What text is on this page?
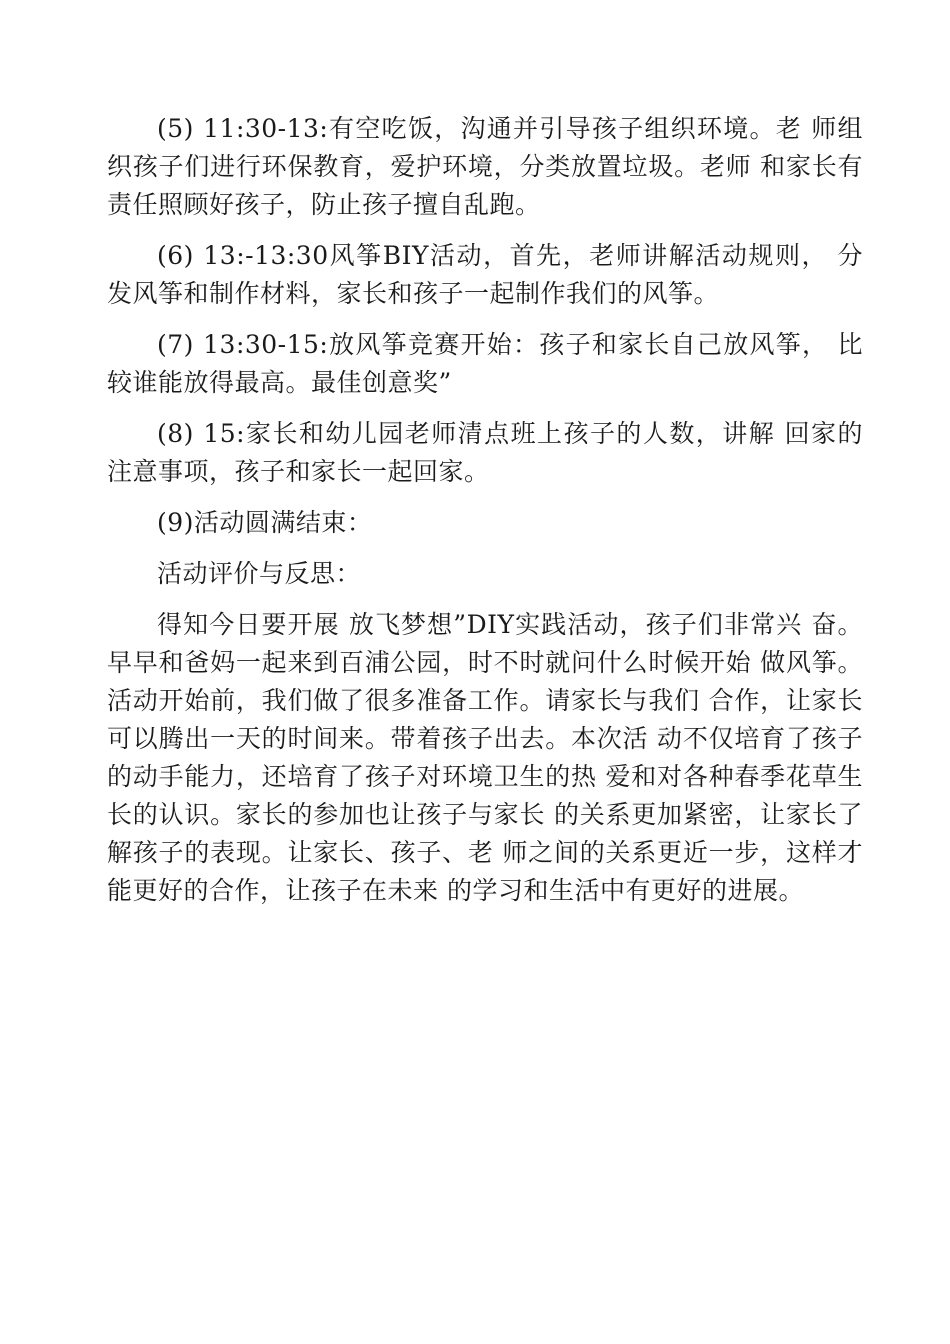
(5) 11:30-13:有空吃饭，沟通并引导孩子组织环境。老 师组织孩子们进行环保教育，爱护环境，分类放置垃圾。老师 和家长有责任照顾好孩子，防止孩子擅自乱跑。

(6) 13:-13:30风筝BIY活动，首先，老师讲解活动规则， 分发风筝和制作材料，家长和孩子一起制作我们的风筝。

(7) 13:30-15:放风筝竞赛开始：孩子和家长自己放风筝， 比较谁能放得最高。最佳创意奖”

(8) 15:家长和幼儿园老师清点班上孩子的人数，讲解 回家的注意事项，孩子和家长一起回家。

(9)活动圆满结束：

活动评价与反思：

得知今日要开展 放飞梦想”DIY实践活动，孩子们非常兴 奋。早早和爸妈一起来到百浦公园，时不时就问什么时候开始 做风筝。活动开始前，我们做了很多准备工作。请家长与我们 合作，让家长可以腾出一天的时间来。带着孩子出去。本次活 动不仅培育了孩子的动手能力，还培育了孩子对环境卫生的热 爱和对各种春季花草生长的认识。家长的参加也让孩子与家长 的关系更加紧密，让家长了解孩子的表现。让家长、孩子、老 师之间的关系更近一步，这样才能更好的合作，让孩子在未来 的学习和生活中有更好的进展。
